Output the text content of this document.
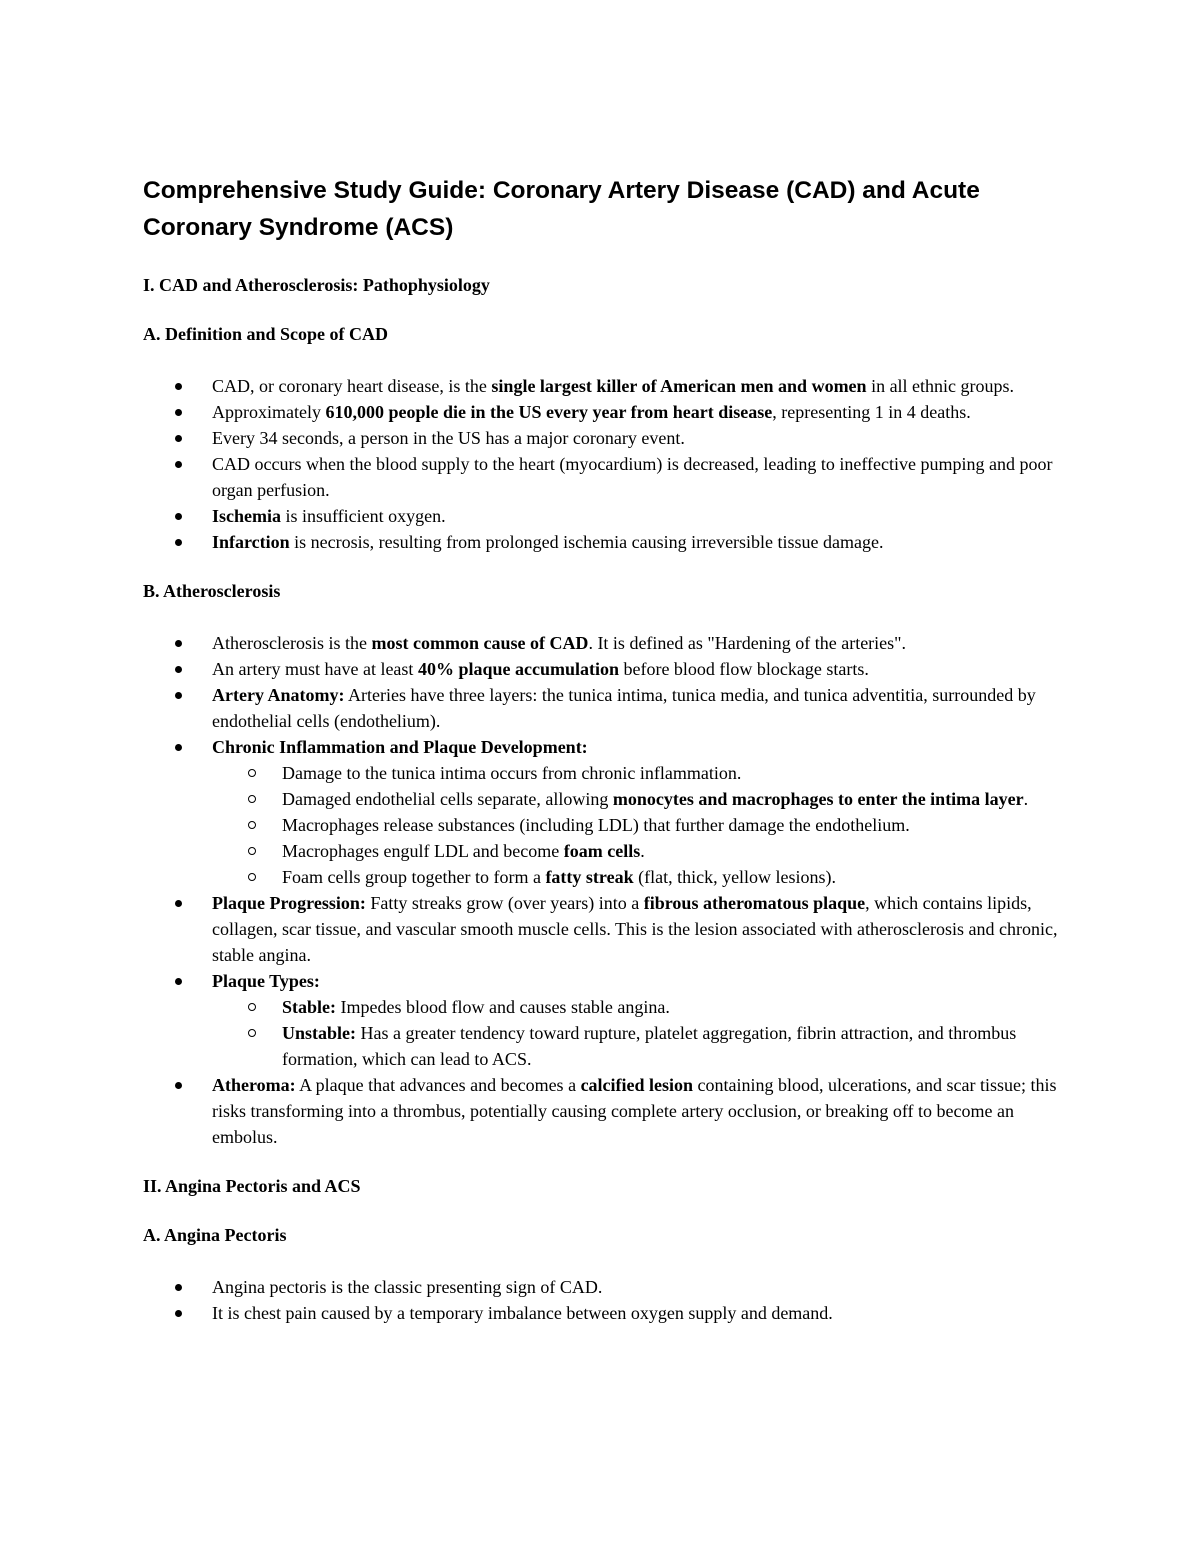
Comprehensive Study Guide: Coronary Artery Disease (CAD) and Acute Coronary Syndrome (ACS)
I. CAD and Atherosclerosis: Pathophysiology
A. Definition and Scope of CAD
CAD, or coronary heart disease, is the single largest killer of American men and women in all ethnic groups.
Approximately 610,000 people die in the US every year from heart disease, representing 1 in 4 deaths.
Every 34 seconds, a person in the US has a major coronary event.
CAD occurs when the blood supply to the heart (myocardium) is decreased, leading to ineffective pumping and poor organ perfusion.
Ischemia is insufficient oxygen.
Infarction is necrosis, resulting from prolonged ischemia causing irreversible tissue damage.
B. Atherosclerosis
Atherosclerosis is the most common cause of CAD. It is defined as "Hardening of the arteries".
An artery must have at least 40% plaque accumulation before blood flow blockage starts.
Artery Anatomy: Arteries have three layers: the tunica intima, tunica media, and tunica adventitia, surrounded by endothelial cells (endothelium).
Chronic Inflammation and Plaque Development:
Damage to the tunica intima occurs from chronic inflammation.
Damaged endothelial cells separate, allowing monocytes and macrophages to enter the intima layer.
Macrophages release substances (including LDL) that further damage the endothelium.
Macrophages engulf LDL and become foam cells.
Foam cells group together to form a fatty streak (flat, thick, yellow lesions).
Plaque Progression: Fatty streaks grow (over years) into a fibrous atheromatous plaque, which contains lipids, collagen, scar tissue, and vascular smooth muscle cells. This is the lesion associated with atherosclerosis and chronic, stable angina.
Plaque Types:
Stable: Impedes blood flow and causes stable angina.
Unstable: Has a greater tendency toward rupture, platelet aggregation, fibrin attraction, and thrombus formation, which can lead to ACS.
Atheroma: A plaque that advances and becomes a calcified lesion containing blood, ulcerations, and scar tissue; this risks transforming into a thrombus, potentially causing complete artery occlusion, or breaking off to become an embolus.
II. Angina Pectoris and ACS
A. Angina Pectoris
Angina pectoris is the classic presenting sign of CAD.
It is chest pain caused by a temporary imbalance between oxygen supply and demand.
